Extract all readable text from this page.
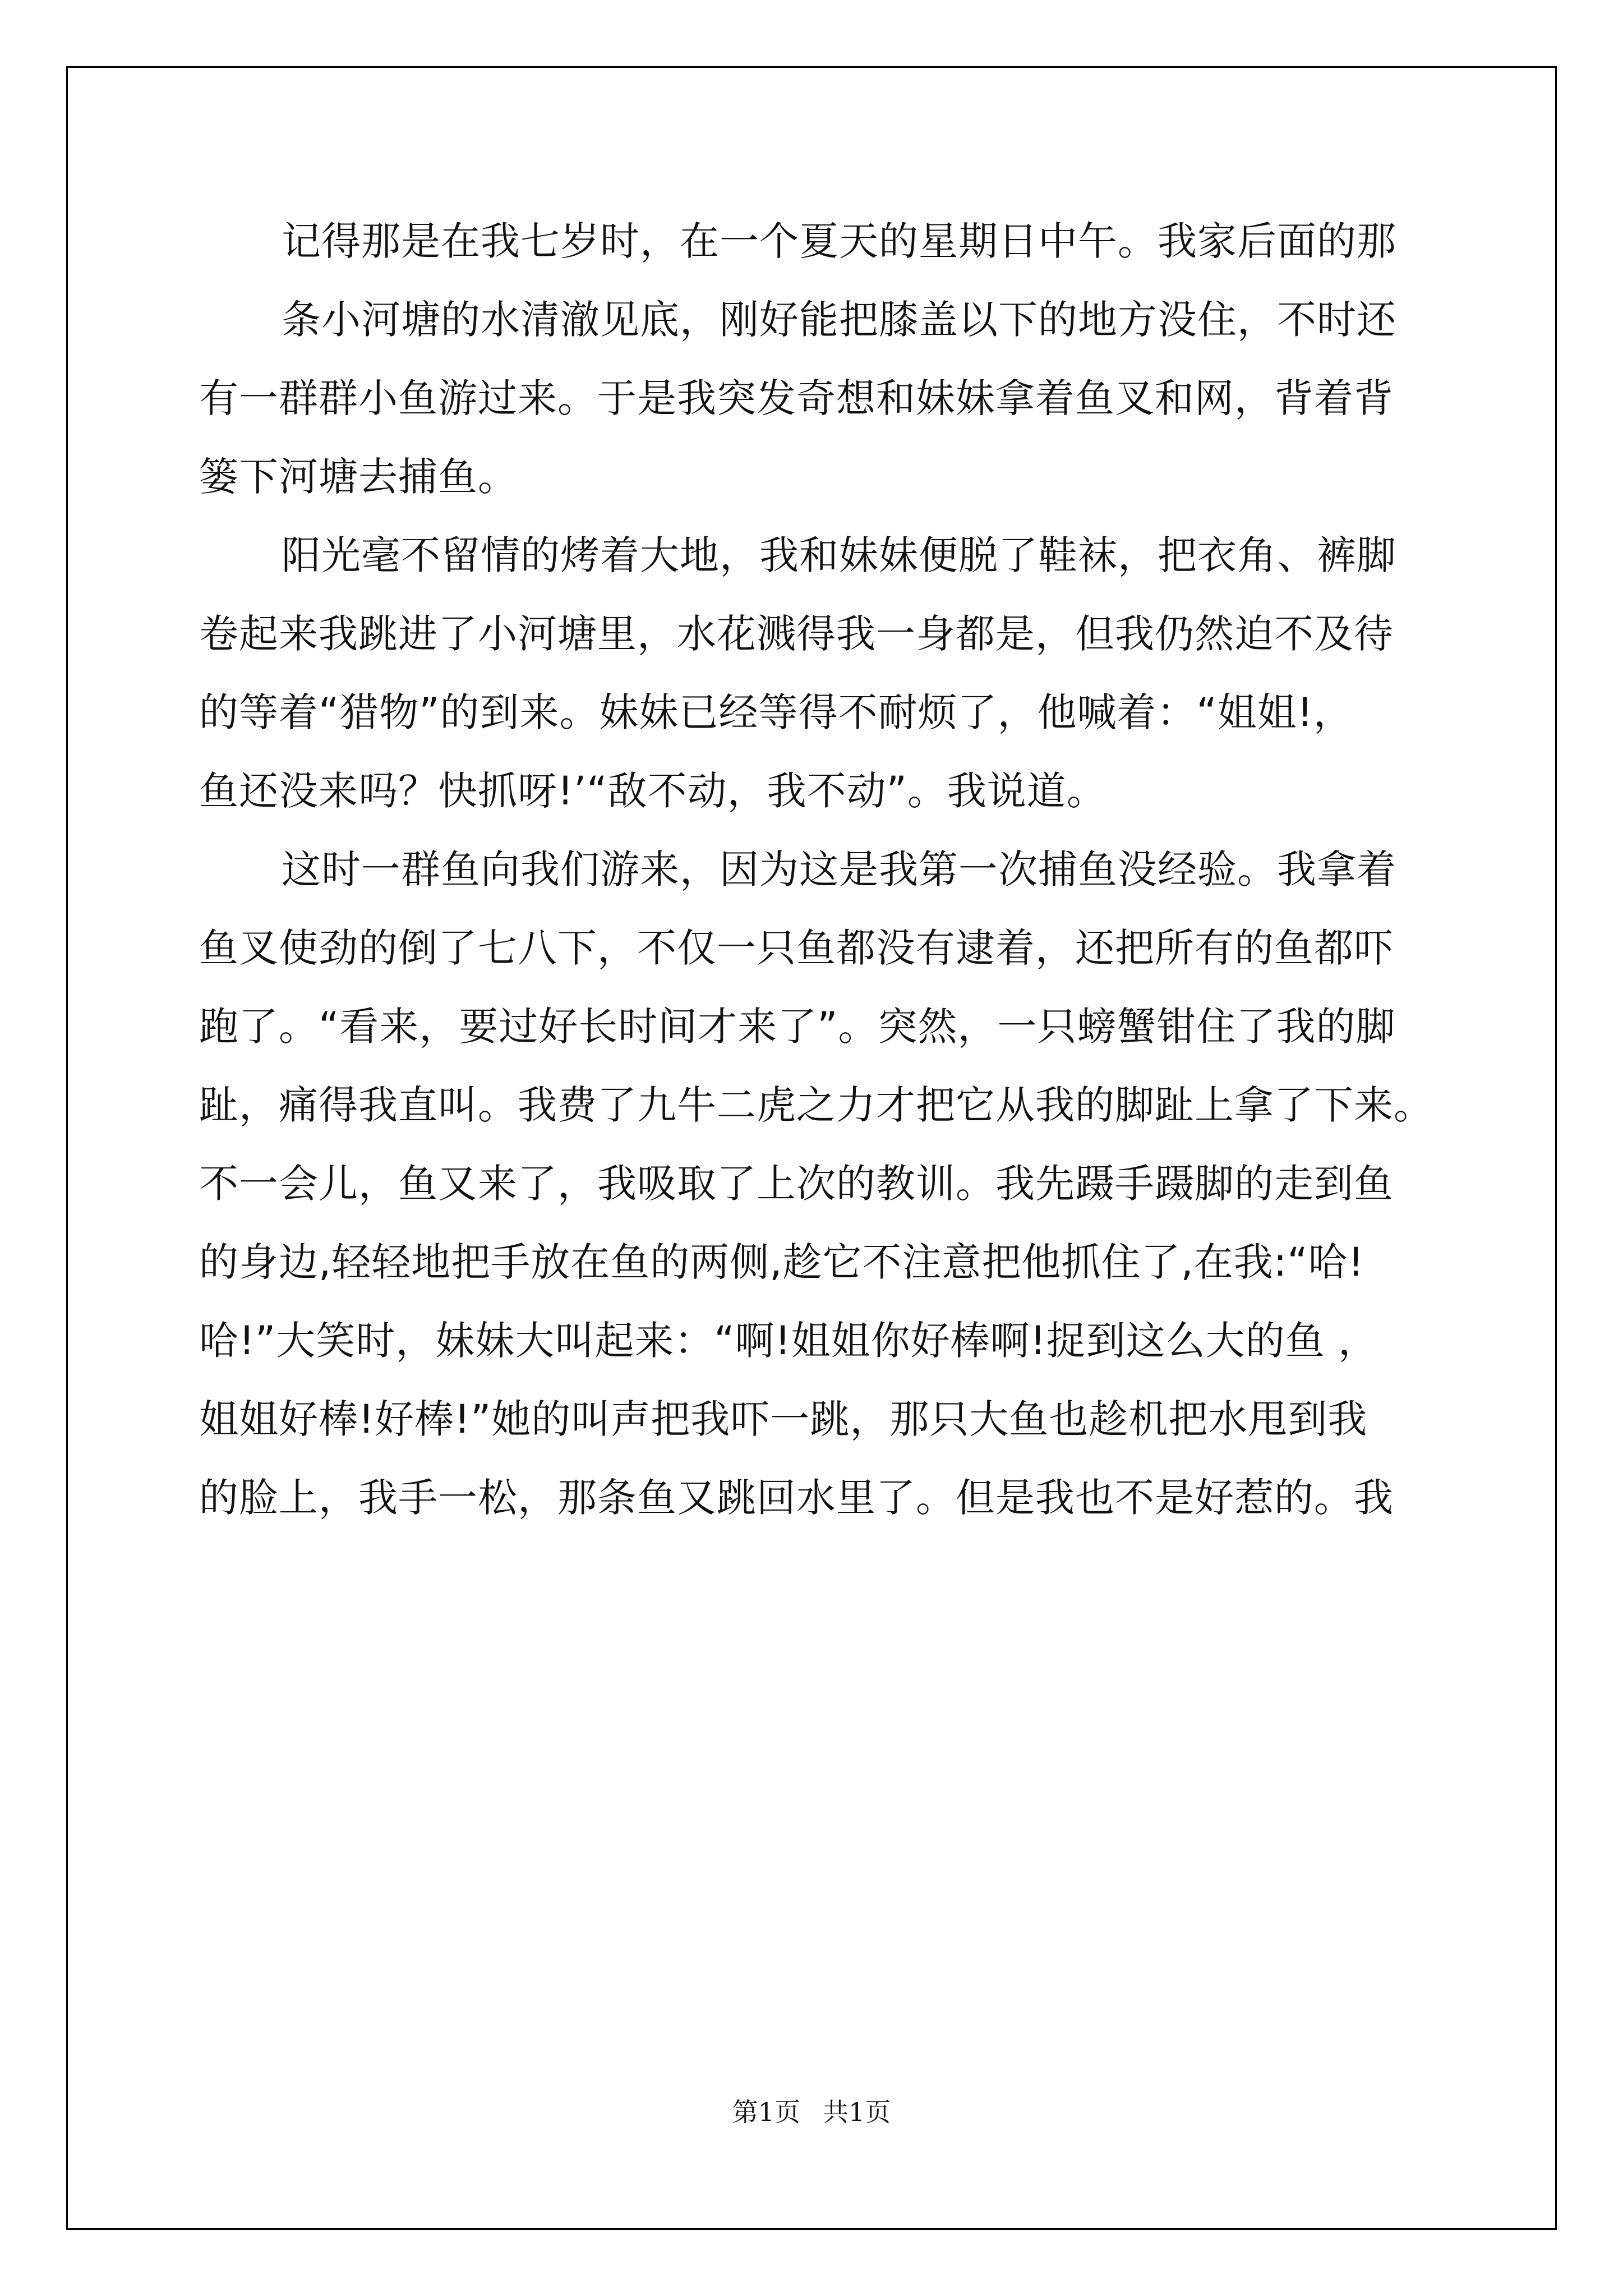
记得那是在我七岁时，在一个夏天的星期日中午。我家后面的那
条小河塘的水清澈见底，刚好能把膝盖以下的地方没住，不时还
有一群群小鱼游过来。于是我突发奇想和妹妹拿着鱼叉和网，背着背
篓下河塘去捕鱼。
阳光毫不留情的烤着大地，我和妹妹便脱了鞋袜，把衣角、裤脚
卷起来我跳进了小河塘里，水花溅得我一身都是，但我仍然迫不及待
的等着“猎物”的到来。妹妹已经等得不耐烦了，他喊着：“姐姐!，
鱼还没来吗？快抓呀!’“敌不动，我不动”。我说道。
这时一群鱼向我们游来，因为这是我第一次捕鱼没经验。我拿着
鱼叉使劲的倒了七八下，不仅一只鱼都没有逮着，还把所有的鱼都吓
跑了。“看来，要过好长时间才来了”。突然，一只螃蟹钳住了我的脚
趾，痛得我直叫。我费了九牛二虎之力才把它从我的脚趾上拿了下来。
不一会儿，鱼又来了，我吸取了上次的教训。我先蹑手蹑脚的走到鱼
的身边,轻轻地把手放在鱼的两侧,趁它不注意把他抓住了,在我:“哈!
哈!”大笑时，妹妹大叫起来：“啊!姐姐你好棒啊!捉到这么大的鱼 ，
姐姐好棒!好棒!”她的叫声把我吓一跳，那只大鱼也趁机把水甩到我
的脸上，我手一松，那条鱼又跳回水里了。但是我也不是好惹的。我
第1页 共1页
